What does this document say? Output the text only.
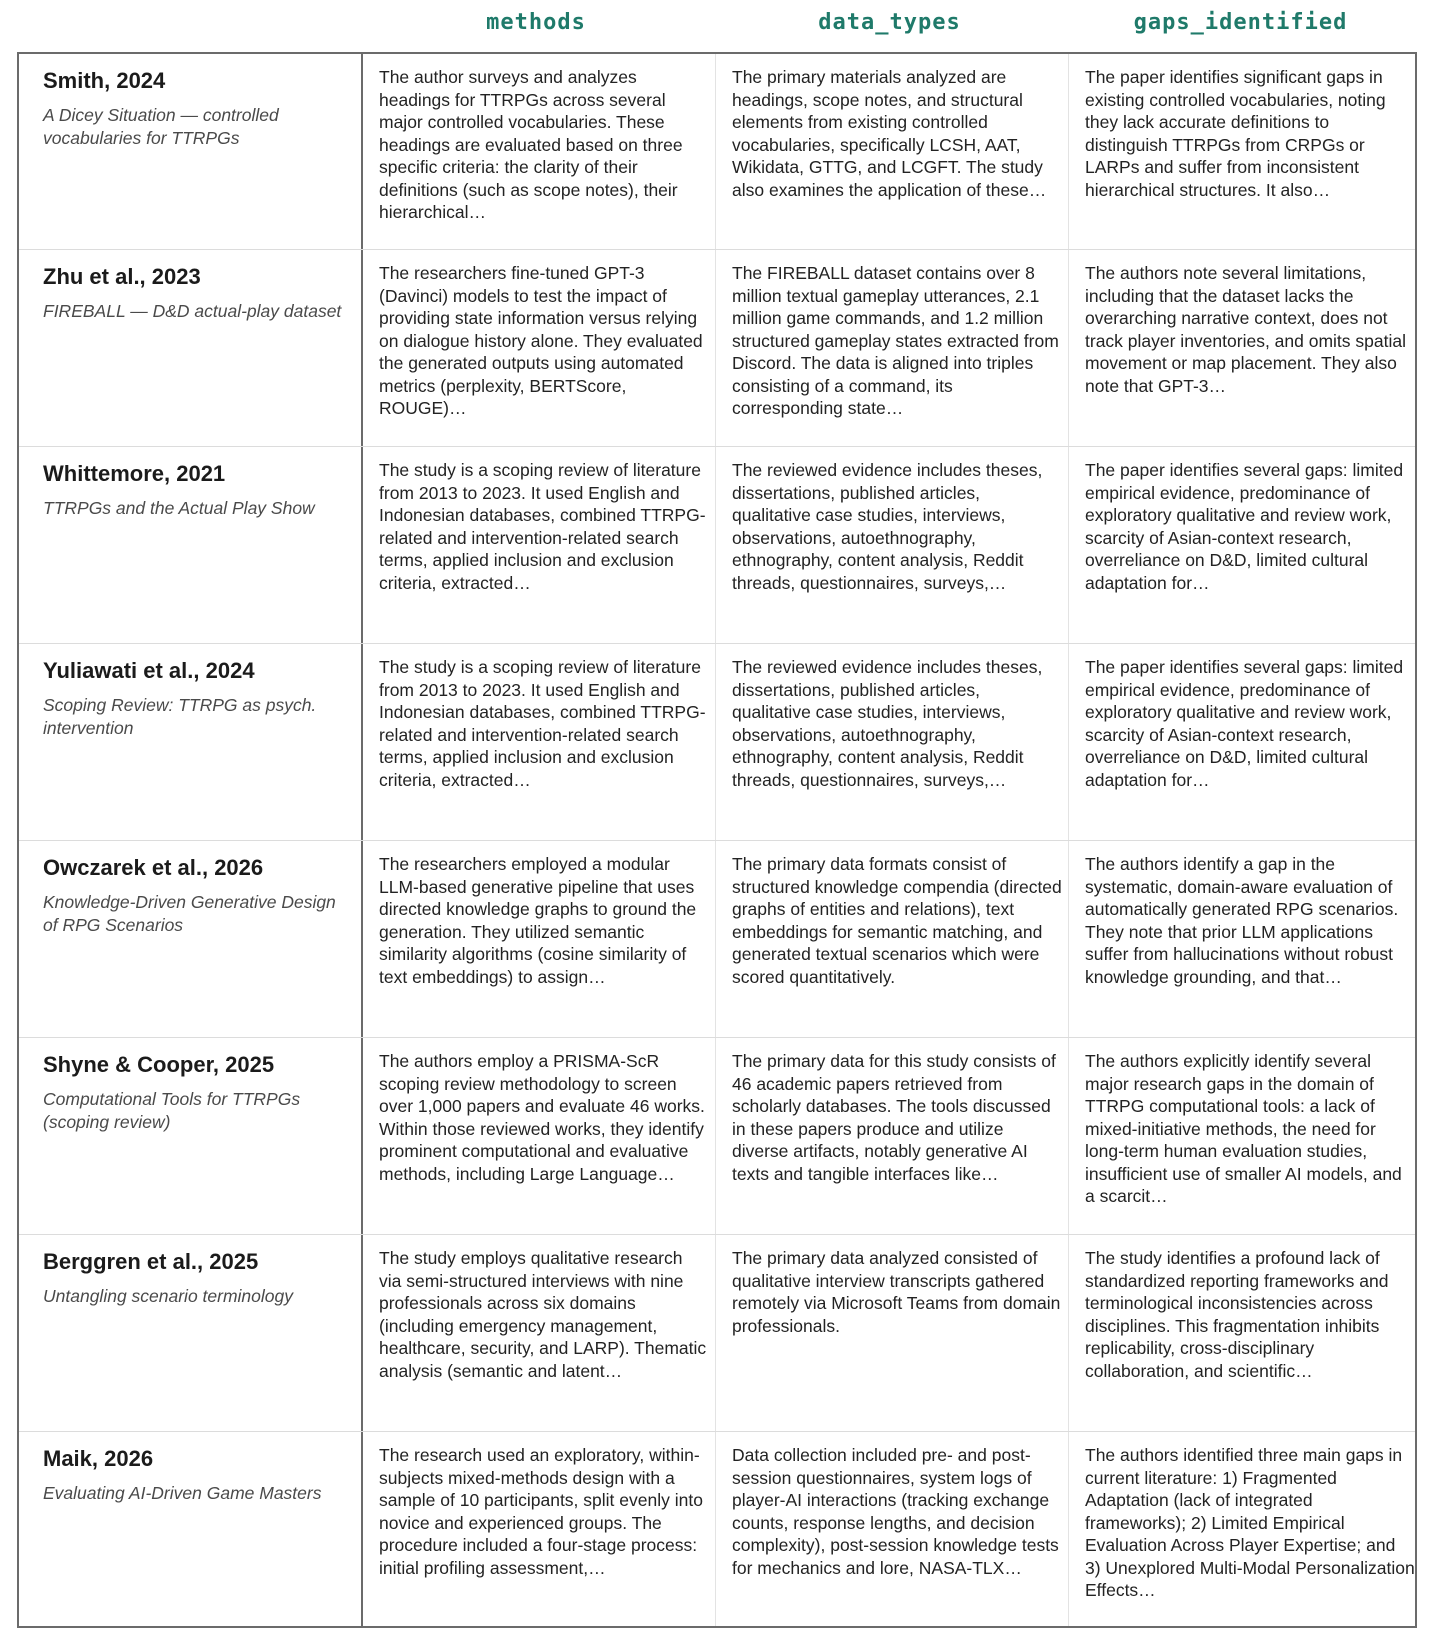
methods	data_types	gaps_identified
Smith, 2024
A Dicey Situation — controlled vocabularies for TTRPGs
The author surveys and analyzes headings for TTRPGs across several major controlled vocabularies. These headings are evaluated based on three specific criteria: the clarity of their definitions (such as scope notes), their hierarchical…
The primary materials analyzed are headings, scope notes, and structural elements from existing controlled vocabularies, specifically LCSH, AAT, Wikidata, GTTG, and LCGFT. The study also examines the application of these…
The paper identifies significant gaps in existing controlled vocabularies, noting they lack accurate definitions to distinguish TTRPGs from CRPGs or LARPs and suffer from inconsistent hierarchical structures. It also…
Zhu et al., 2023
FIREBALL — D&D actual-play dataset
The researchers fine-tuned GPT-3 (Davinci) models to test the impact of providing state information versus relying on dialogue history alone. They evaluated the generated outputs using automated metrics (perplexity, BERTScore, ROUGE)…
The FIREBALL dataset contains over 8 million textual gameplay utterances, 2.1 million game commands, and 1.2 million structured gameplay states extracted from Discord. The data is aligned into triples consisting of a command, its corresponding state…
The authors note several limitations, including that the dataset lacks the overarching narrative context, does not track player inventories, and omits spatial movement or map placement. They also note that GPT-3…
Whittemore, 2021
TTRPGs and the Actual Play Show
The study is a scoping review of literature from 2013 to 2023. It used English and Indonesian databases, combined TTRPG-related and intervention-related search terms, applied inclusion and exclusion criteria, extracted…
The reviewed evidence includes theses, dissertations, published articles, qualitative case studies, interviews, observations, autoethnography, ethnography, content analysis, Reddit threads, questionnaires, surveys,…
The paper identifies several gaps: limited empirical evidence, predominance of exploratory qualitative and review work, scarcity of Asian-context research, overreliance on D&D, limited cultural adaptation for…
Yuliawati et al., 2024
Scoping Review: TTRPG as psych. intervention
The study is a scoping review of literature from 2013 to 2023. It used English and Indonesian databases, combined TTRPG-related and intervention-related search terms, applied inclusion and exclusion criteria, extracted…
The reviewed evidence includes theses, dissertations, published articles, qualitative case studies, interviews, observations, autoethnography, ethnography, content analysis, Reddit threads, questionnaires, surveys,…
The paper identifies several gaps: limited empirical evidence, predominance of exploratory qualitative and review work, scarcity of Asian-context research, overreliance on D&D, limited cultural adaptation for…
Owczarek et al., 2026
Knowledge-Driven Generative Design of RPG Scenarios
The researchers employed a modular LLM-based generative pipeline that uses directed knowledge graphs to ground the generation. They utilized semantic similarity algorithms (cosine similarity of text embeddings) to assign…
The primary data formats consist of structured knowledge compendia (directed graphs of entities and relations), text embeddings for semantic matching, and generated textual scenarios which were scored quantitatively.
The authors identify a gap in the systematic, domain-aware evaluation of automatically generated RPG scenarios. They note that prior LLM applications suffer from hallucinations without robust knowledge grounding, and that…
Shyne & Cooper, 2025
Computational Tools for TTRPGs (scoping review)
The authors employ a PRISMA-ScR scoping review methodology to screen over 1,000 papers and evaluate 46 works. Within those reviewed works, they identify prominent computational and evaluative methods, including Large Language…
The primary data for this study consists of 46 academic papers retrieved from scholarly databases. The tools discussed in these papers produce and utilize diverse artifacts, notably generative AI texts and tangible interfaces like…
The authors explicitly identify several major research gaps in the domain of TTRPG computational tools: a lack of mixed-initiative methods, the need for long-term human evaluation studies, insufficient use of smaller AI models, and a scarcit…
Berggren et al., 2025
Untangling scenario terminology
The study employs qualitative research via semi-structured interviews with nine professionals across six domains (including emergency management, healthcare, security, and LARP). Thematic analysis (semantic and latent…
The primary data analyzed consisted of qualitative interview transcripts gathered remotely via Microsoft Teams from domain professionals.
The study identifies a profound lack of standardized reporting frameworks and terminological inconsistencies across disciplines. This fragmentation inhibits replicability, cross-disciplinary collaboration, and scientific…
Maik, 2026
Evaluating AI-Driven Game Masters
The research used an exploratory, within-subjects mixed-methods design with a sample of 10 participants, split evenly into novice and experienced groups. The procedure included a four-stage process: initial profiling assessment,…
Data collection included pre- and post-session questionnaires, system logs of player-AI interactions (tracking exchange counts, response lengths, and decision complexity), post-session knowledge tests for mechanics and lore, NASA-TLX…
The authors identified three main gaps in current literature: 1) Fragmented Adaptation (lack of integrated frameworks); 2) Limited Empirical Evaluation Across Player Expertise; and 3) Unexplored Multi-Modal Personalization Effects…
